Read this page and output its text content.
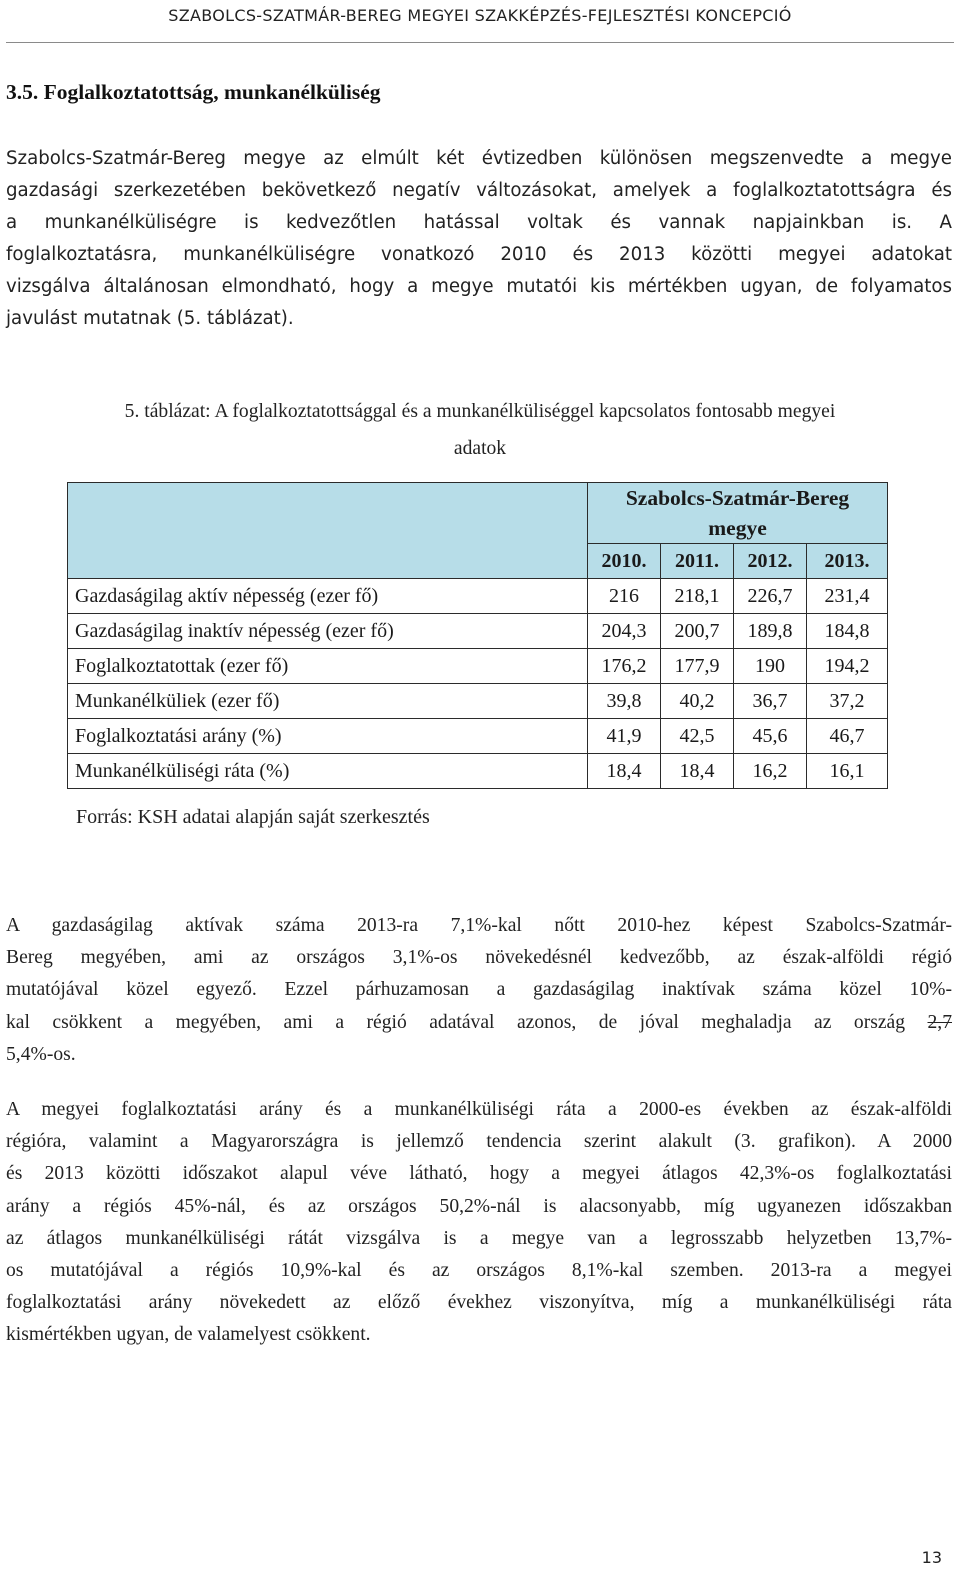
SZABOLCS-SZATMÁR-BEREG MEGYEI SZAKKÉPZÉS-FEJLESZTÉSI KONCEPCIÓ
3.5. Foglalkoztatottság, munkanélküliség
Szabolcs-Szatmár-Bereg megye az elmúlt két évtizedben különösen megszenvedte a megye
gazdasági szerkezetében bekövetkező negatív változásokat, amelyek a foglalkoztatottságra és
a munkanélküliségre is kedvezőtlen hatással voltak és vannak napjainkban is. A
foglalkoztatásra, munkanélküliségre vonatkozó 2010 és 2013 közötti megyei adatokat
vizsgálva általánosan elmondható, hogy a megye mutatói kis mértékben ugyan, de folyamatos
javulást mutatnak (5. táblázat).
5. táblázat: A foglalkoztatottsággal és a munkanélküliséggel kapcsolatos fontosabb megyei
adatok

	Szabolcs-Szatmár-Bereg
megye			

	2010.	2011.	2012.	2013.
Gazdaságilag aktív népesség (ezer fő)	216	218,1	226,7	231,4
Gazdaságilag inaktív népesség (ezer fő)	204,3	200,7	189,8	184,8
Foglalkoztatottak (ezer fő)	176,2	177,9	190	194,2
Munkanélküliek (ezer fő)	39,8	40,2	36,7	37,2
Foglalkoztatási arány (%)	41,9	42,5	45,6	46,7
Munkanélküliségi ráta (%)	18,4	18,4	16,2	16,1
Forrás: KSH adatai alapján saját szerkesztés
A gazdaságilag aktívak száma 2013-ra 7,1%-kal nőtt 2010-hez képest Szabolcs-Szatmár-
Bereg megyében, ami az országos 3,1%-os növekedésnél kedvezőbb, az észak-alföldi régió
mutatójával közel egyező. Ezzel párhuzamosan a gazdaságilag inaktívak száma közel 10%-
kal csökkent a megyében, ami a régió adatával azonos, de jóval meghaladja az ország 2,7
5,4%-os.
A megyei foglalkoztatási arány és a munkanélküliségi ráta a 2000-es években az észak-alföldi
régióra, valamint a Magyarországra is jellemző tendencia szerint alakult (3. grafikon). A 2000
és 2013 közötti időszakot alapul véve látható, hogy a megyei átlagos 42,3%-os foglalkoztatási
arány a régiós 45%-nál, és az országos 50,2%-nál is alacsonyabb, míg ugyanezen időszakban
az átlagos munkanélküliségi rátát vizsgálva is a megye van a legrosszabb helyzetben 13,7%-
os mutatójával a régiós 10,9%-kal és az országos 8,1%-kal szemben. 2013-ra a megyei
foglalkoztatási arány növekedett az előző évekhez viszonyítva, míg a munkanélküliségi ráta
kismértékben ugyan, de valamelyest csökkent.
13
